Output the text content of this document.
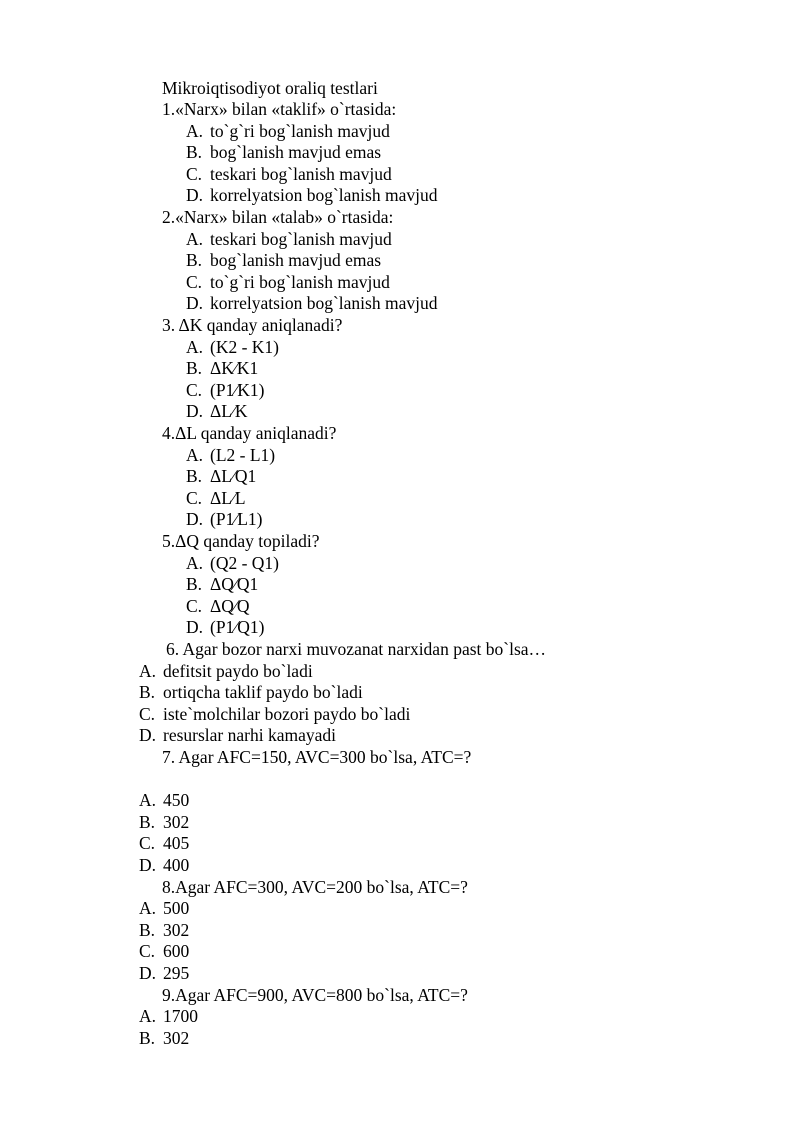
Mikroiqtisodiyot oraliq testlari
1.«Narx» bilan «taklif» o`rtasida:
A. to`g`ri bog`lanish mavjud
B. bog`lanish mavjud emas
C. teskari bog`lanish mavjud
D. korrelyatsion bog`lanish mavjud
2.«Narx» bilan «talab» o`rtasida:
A. teskari bog`lanish mavjud
B. bog`lanish mavjud emas
C. to`g`ri bog`lanish mavjud
D. korrelyatsion bog`lanish mavjud
3. ΔK qanday aniqlanadi?
A. (K2 - K1)
B. ΔK⁄K1
C. (P1⁄K1)
D. ΔL⁄K
4.ΔL qanday aniqlanadi?
A. (L2 - L1)
B. ΔL⁄Q1
C. ΔL⁄L
D. (P1⁄L1)
5.ΔQ qanday topiladi?
A. (Q2 - Q1)
B. ΔQ⁄Q1
C. ΔQ⁄Q
D. (P1⁄Q1)
6. Agar bozor narxi muvozanat narxidan past bo`lsa…
A. defitsit paydo bo`ladi
B. ortiqcha taklif paydo bo`ladi
C. iste`molchilar bozori paydo bo`ladi
D. resurslar narhi kamayadi
7. Agar AFC=150, AVC=300 bo`lsa, ATC=?
A. 450
B. 302
C. 405
D. 400
8.Agar AFC=300, AVC=200 bo`lsa, ATC=?
A. 500
B. 302
C. 600
D. 295
9.Agar AFC=900, AVC=800 bo`lsa, ATC=?
A. 1700
B. 302
